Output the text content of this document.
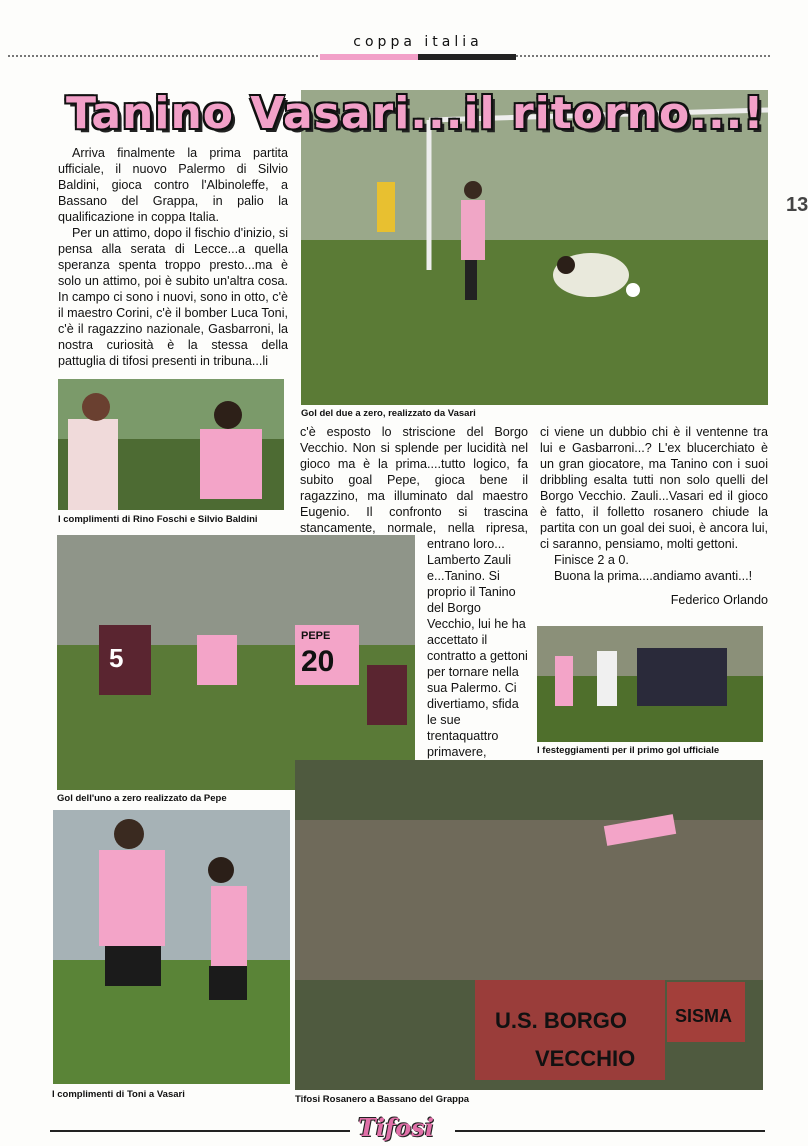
coppa italia
13
Tanino Vasari...il ritorno...!

Arriva finalmente la prima partita ufficiale, il nuovo Palermo di Silvio Baldini, gioca contro l'Albinoleffe, a Bassano del Grappa, in palio la qualificazione in coppa Italia.

Per un attimo, dopo il fischio d'inizio, si pensa alla serata di Lecce...a quella speranza spenta troppo presto...ma è solo un attimo, poi è subito un'altra cosa. In campo ci sono i nuovi, sono in otto, c'è il maestro Corini, c'è il bomber Luca Toni, c'è il ragazzino nazionale, Gasbarroni, la nostra curiosità è la stessa della pattuglia di tifosi presenti in tribuna...li

I complimenti di Rino Foschi e Silvio Baldini
Gol del due a zero, realizzato da Vasari
c'è esposto lo striscione del Borgo Vecchio. Non si splende per lucidità nel gioco ma è la prima....tutto logico, fa subito goal Pepe, gioca bene il ragazzino, ma illuminato dal maestro Eugenio. Il confronto si trascina stancamente, normale, nella ripresa,
entrano loro... Lamberto Zauli e...Tanino. Si proprio il Tanino del Borgo Vecchio, lui he ha accettato il contratto a gettoni per tornare nella sua Palermo. Ci divertiamo, sfida le sue trentaquattro primavere,
ci viene un dubbio chi è il ventenne tra lui e Gasbarroni...? L'ex blucerchiato è un gran giocatore, ma Tanino con i suoi dribbling esalta tutti non solo quelli del Borgo Vecchio. Zauli...Vasari ed il gioco è fatto, il folletto rosanero chiude la partita con un goal dei suoi, è ancora lui, ci saranno, pensiamo, molti gettoni.

Finisce 2 a 0.

Buona la prima....andiamo avanti...!

Federico Orlando
5
PEPE
20
Gol dell'uno a zero realizzato da Pepe
I festeggiamenti per il primo gol ufficiale
I complimenti di Toni a Vasari
U.S. BORGO
VECCHIO
SISMA
Tifosi Rosanero a Bassano del Grappa
Tifosi
